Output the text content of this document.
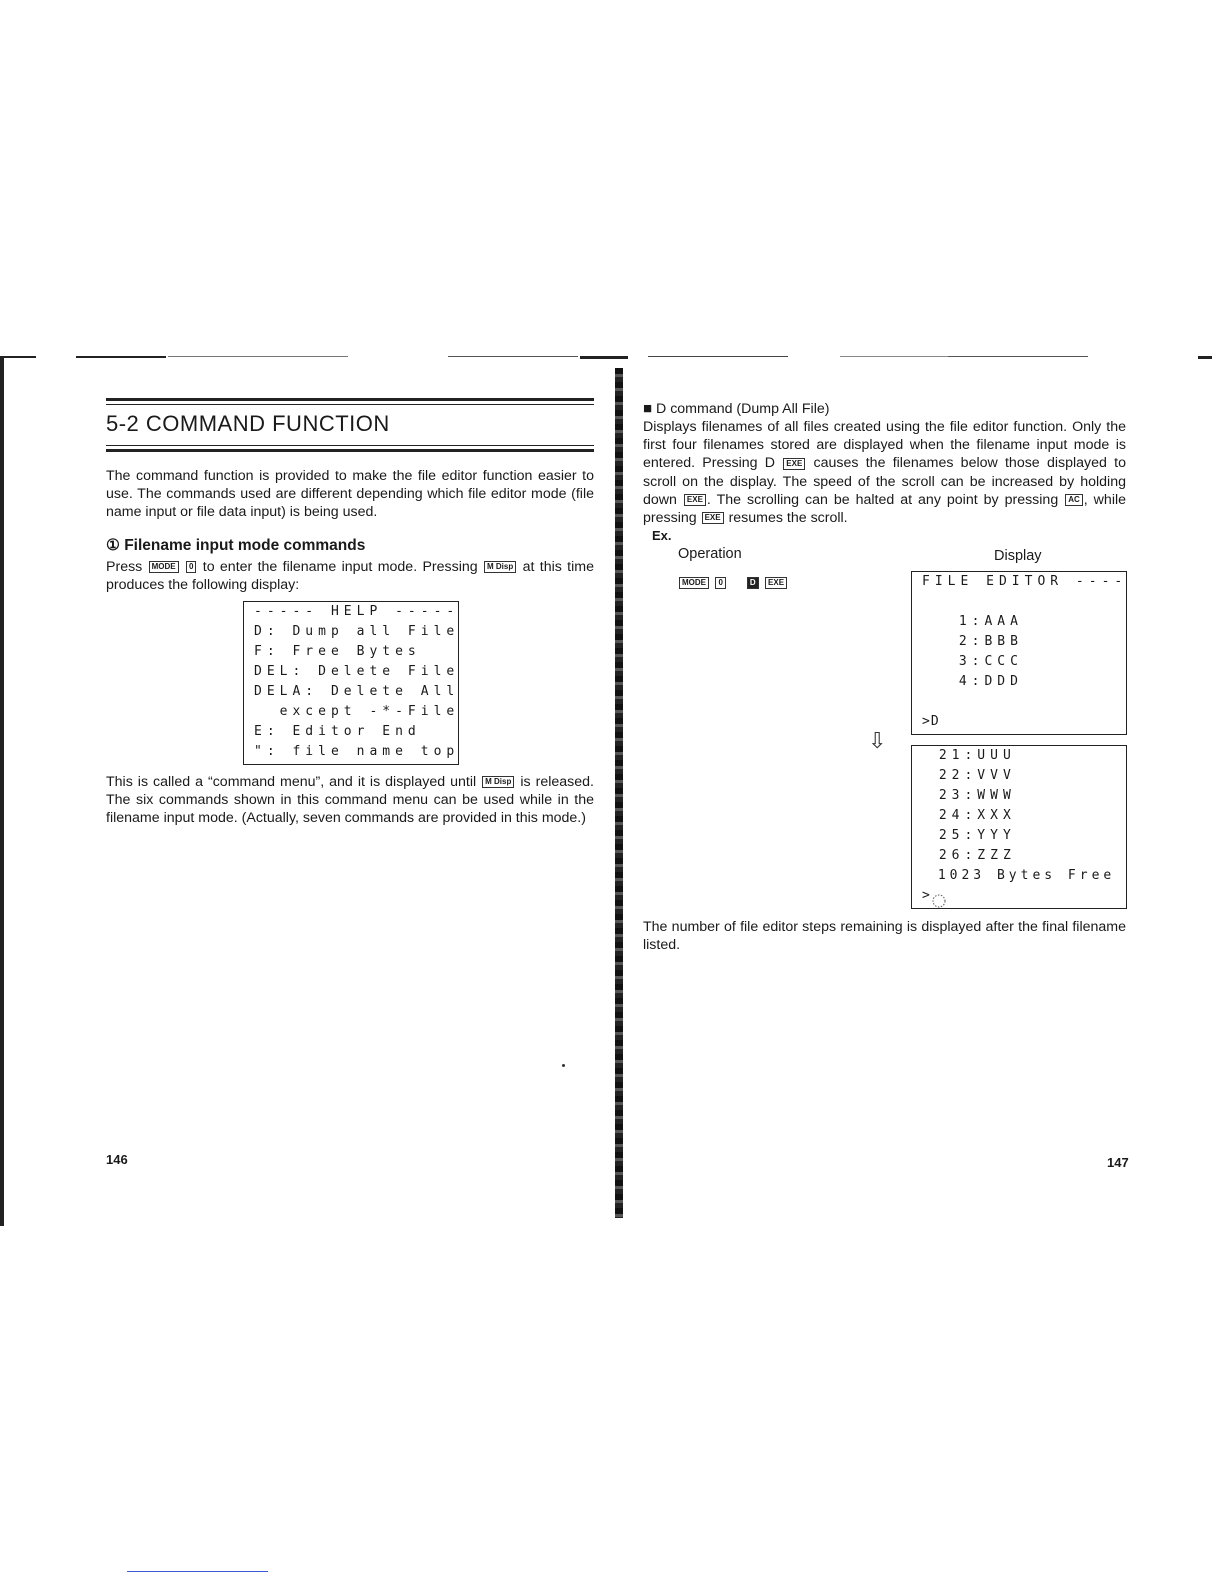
5-2 COMMAND FUNCTION
The command function is provided to make the file editor function easier to use. The commands used are different depending which file editor mode (file name input or file data input) is being used.
① Filename input mode commands
Press MODE 0 to enter the filename input mode. Pressing M Disp at this time produces the following display:
----- HELP -----
D: Dump all File
F: Free Bytes
DEL: Delete File
DELA: Delete All
except -*-File
E: Editor End
": file name top
This is called a “command menu”, and it is displayed until M Disp is released. The six commands shown in this command menu can be used while in the filename input mode. (Actually, seven commands are provided in this mode.)
146
■ D command (Dump All File)
Displays filenames of all files created using the file editor function. Only the first four filenames stored are displayed when the filename input mode is entered. Pressing D EXE causes the filenames below those displayed to scroll on the display. The speed of the scroll can be increased by holding down EXE . The scrolling can be halted at any point by pressing AC , while pressing EXE resumes the scroll.
Ex.
Operation	Display
MODE 0	D EXE	FILE EDITOR ----
1:AAA
2:BBB
3:CCC
4:DDD
>D
⇩
21:UUU
22:VVV
23:WWW
24:XXX
25:YYY
26:ZZZ
1023 Bytes Free
>
The number of file editor steps remaining is displayed after the final filename listed.
147
